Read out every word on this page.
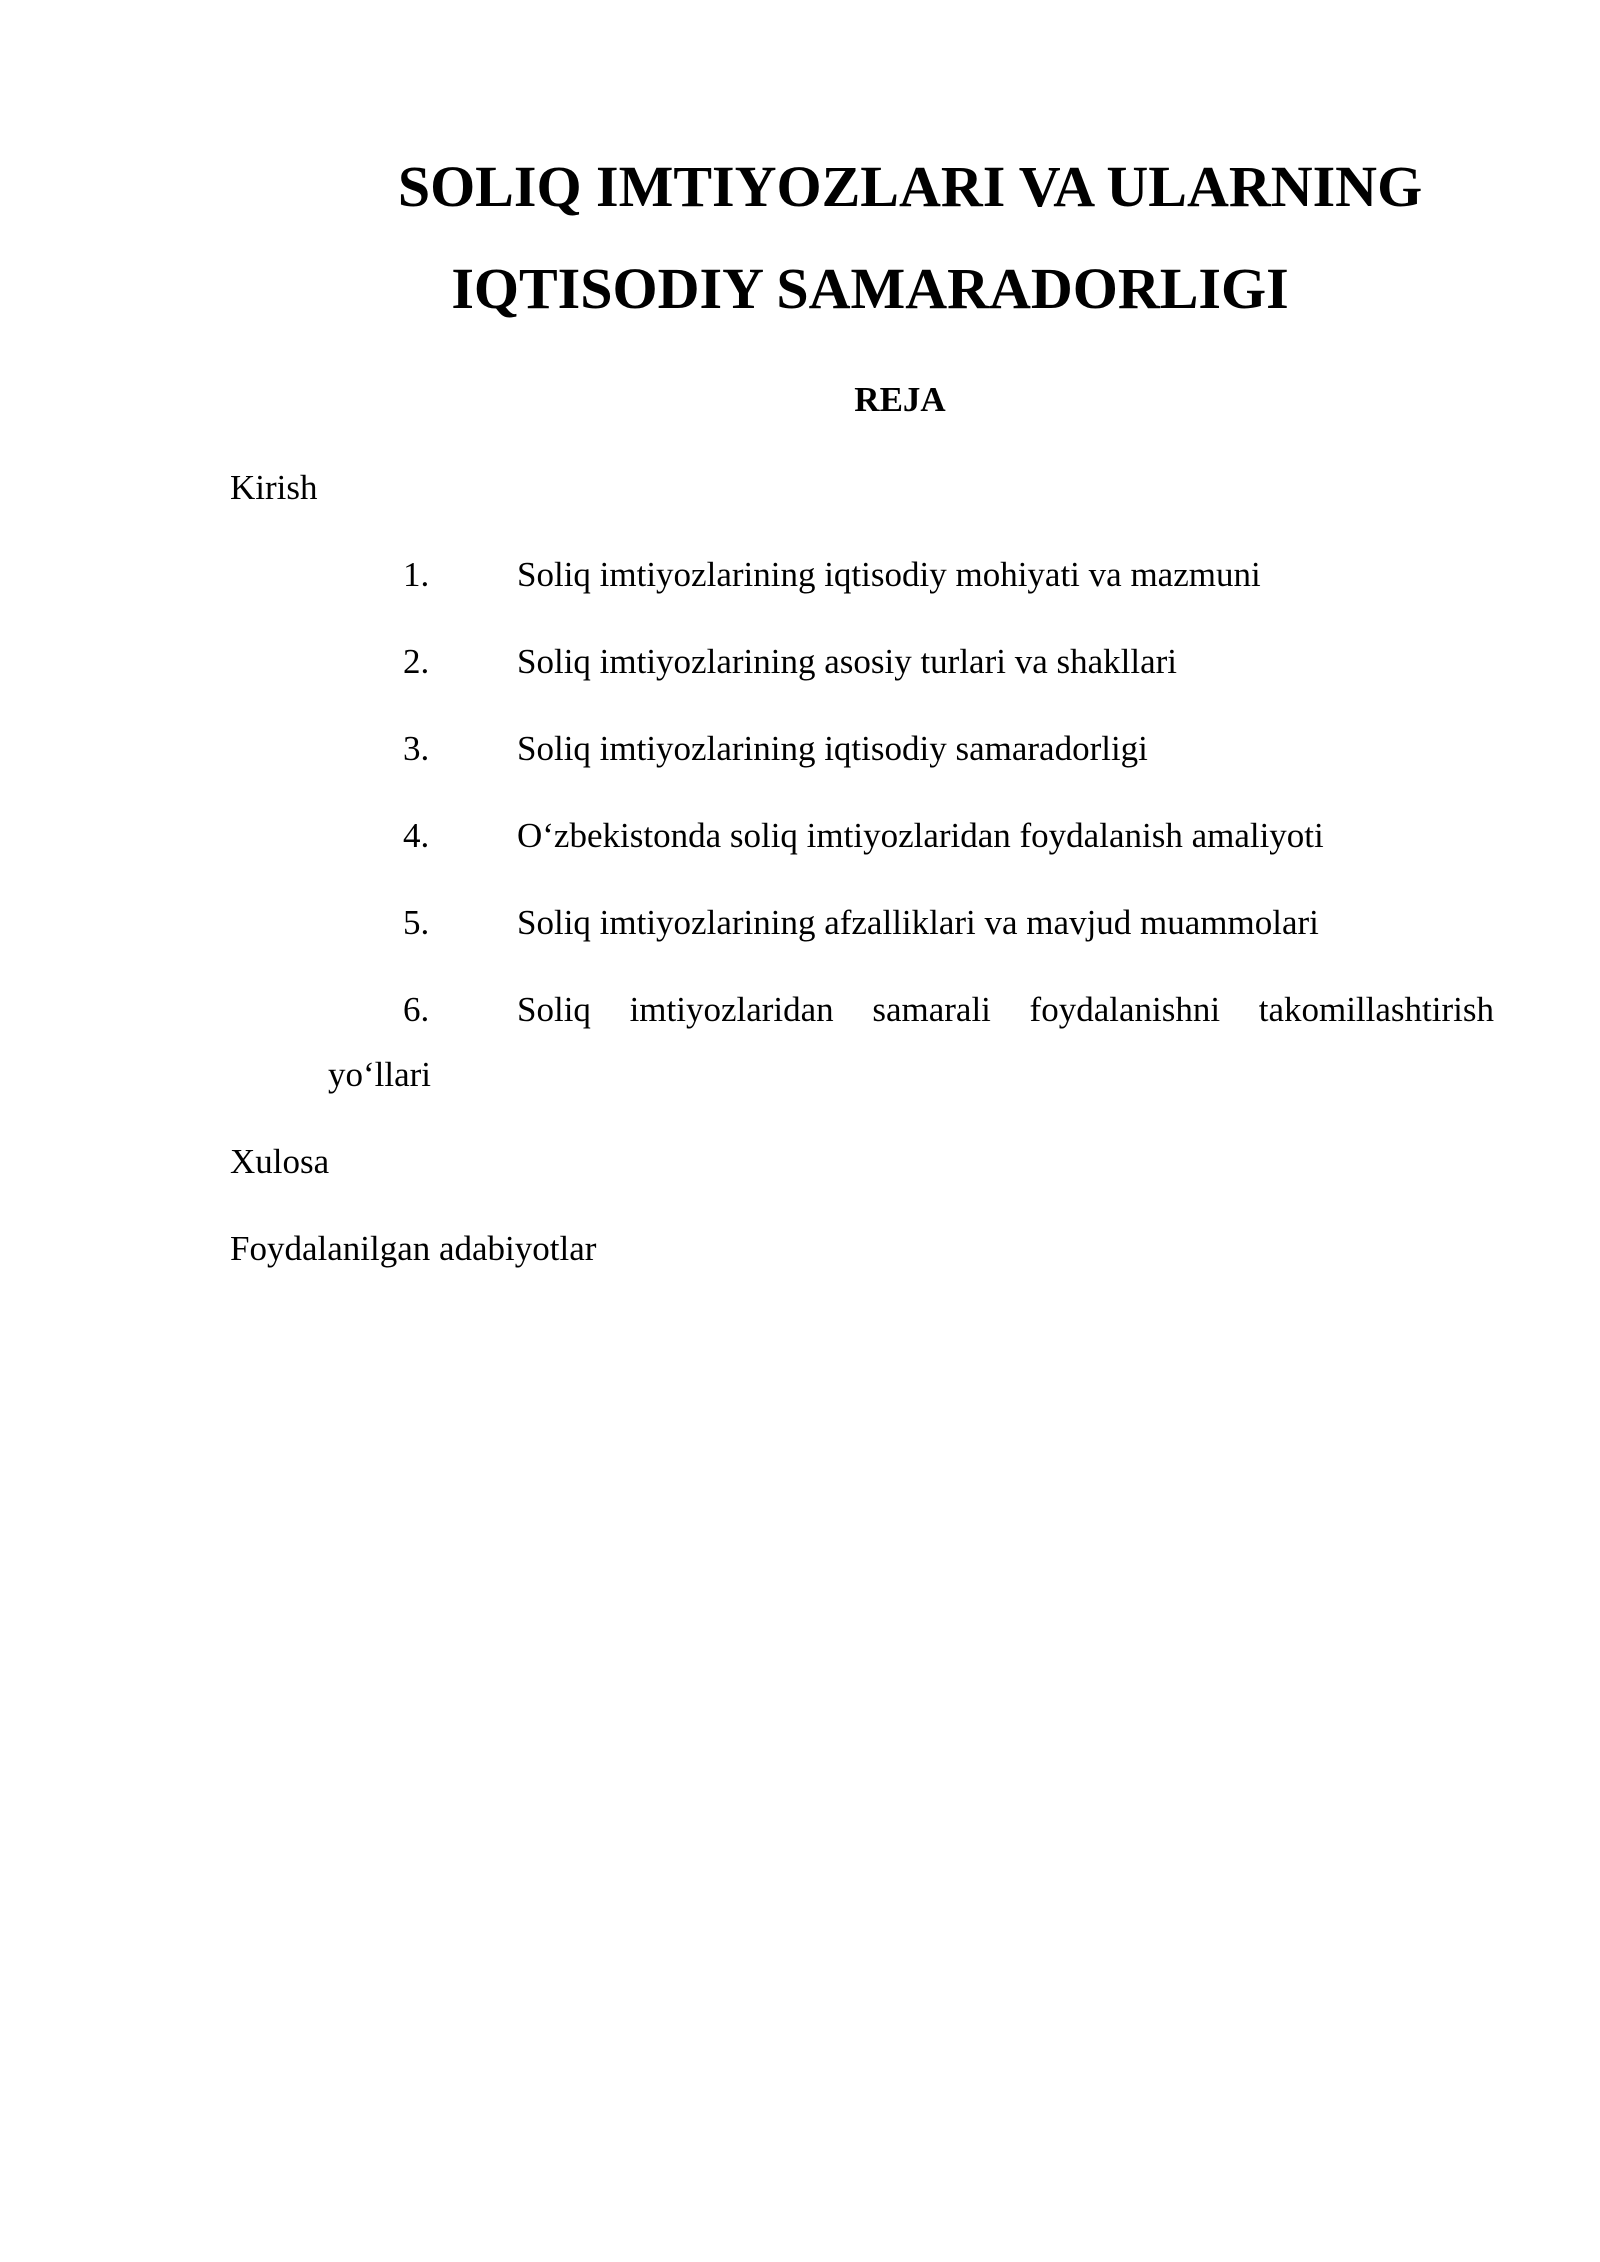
SOLIQ IMTIYOZLARI VA ULARNING
IQTISODIY SAMARADORLIGI
REJA

Kirish

1.	Soliq imtiyozlarining iqtisodiy mohiyati va mazmuni
2.	Soliq imtiyozlarining asosiy turlari va shakllari
3.	Soliq imtiyozlarining iqtisodiy samaradorligi
4.	O‘zbekistonda soliq imtiyozlaridan foydalanish amaliyoti
5.	Soliq imtiyozlarining afzalliklari va mavjud muammolari
6.	Soliq imtiyozlaridan samarali foydalanishni takomillashtirish
yo‘llari

Xulosa

Foydalanilgan adabiyotlar
